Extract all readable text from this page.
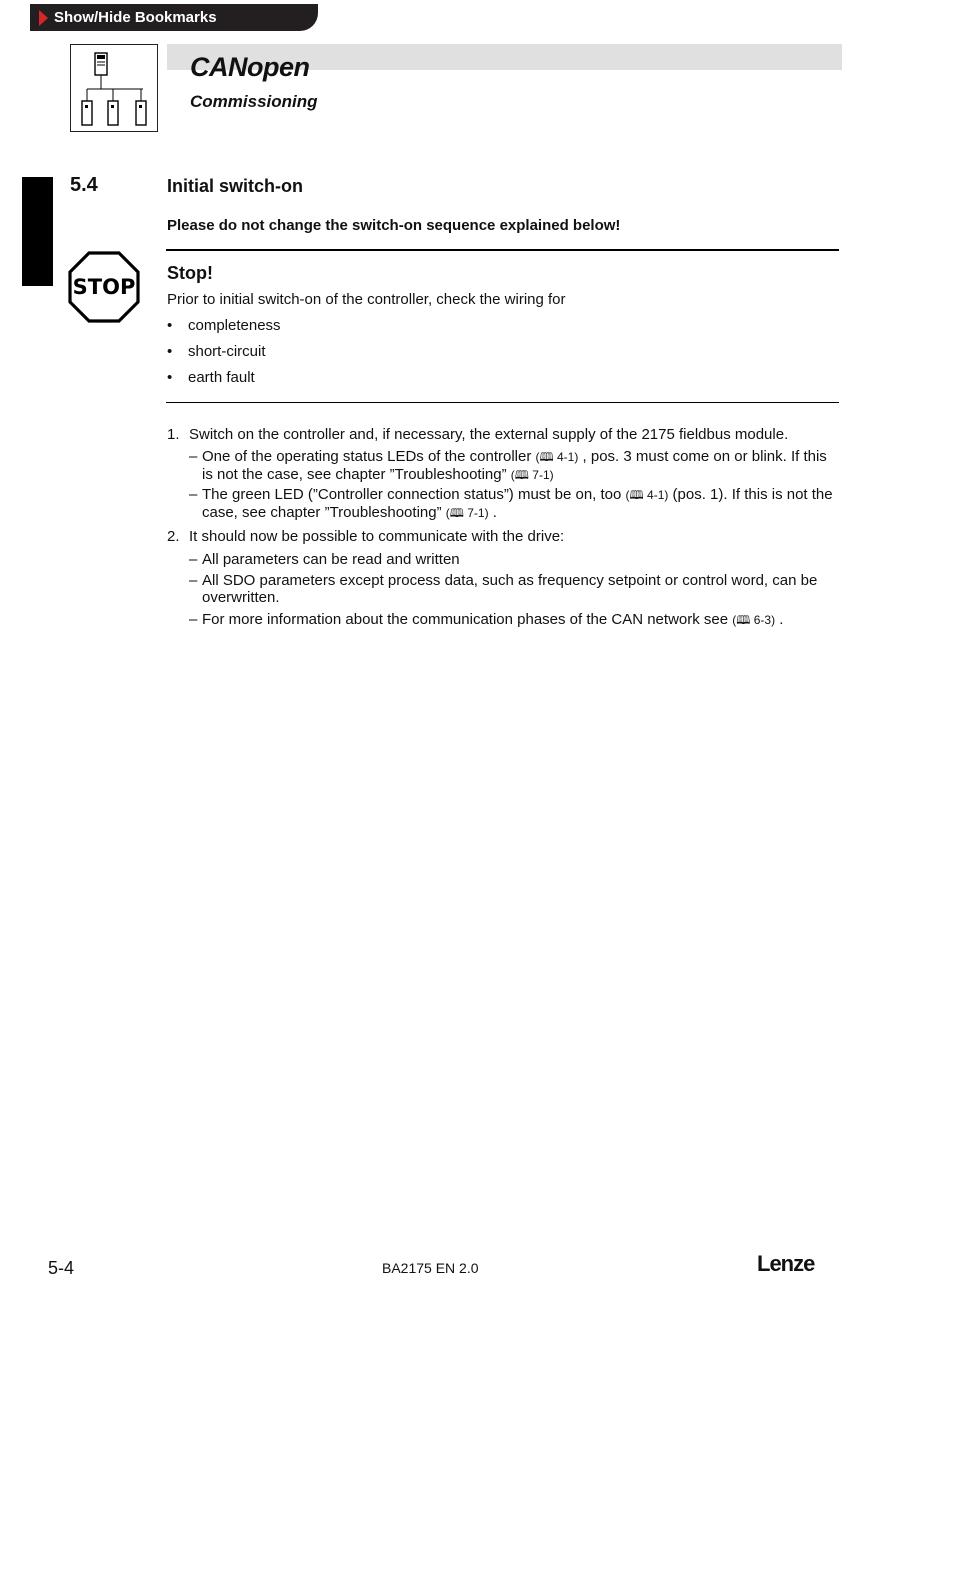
Show/Hide Bookmarks
CANopen
Commissioning
5.4	Initial switch-on
Please do not change the switch-on sequence explained below!
STOP
Stop!
Prior to initial switch-on of the controller, check the wiring for
•	completeness
•	short-circuit
•	earth fault
1. Switch on the controller and, if necessary, the external supply of the 2175 fieldbus module.
– One of the operating status LEDs of the controller (🕮 4-1) , pos. 3 must come on or blink. If this is not the case, see chapter ”Troubleshooting” (🕮 7-1)
– The green LED (”Controller connection status”) must be on, too (🕮 4-1) (pos. 1). If this is not the case, see chapter ”Troubleshooting” (🕮 7-1) .
2. It should now be possible to communicate with the drive:
– All parameters can be read and written
– All SDO parameters except process data, such as frequency setpoint or control word, can be overwritten.
– For more information about the communication phases of the CAN network see (🕮 6-3) .
5-4	BA2175 EN 2.0	Lenze
